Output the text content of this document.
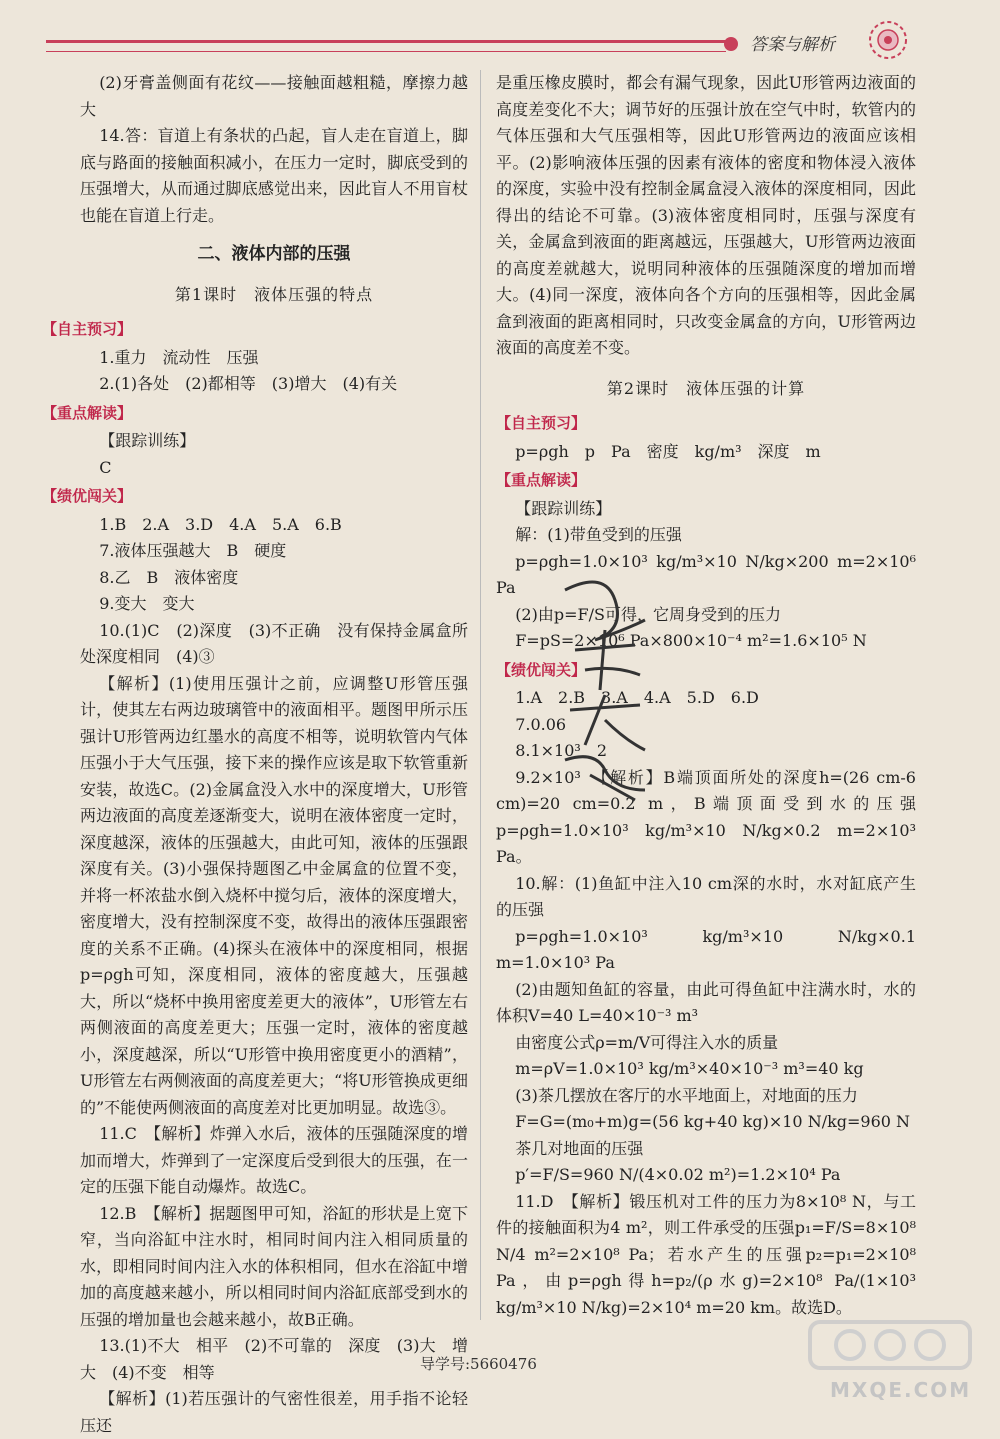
答案与解析

(2)牙膏盖侧面有花纹——接触面越粗糙，摩擦力越大

14.答：盲道上有条状的凸起，盲人走在盲道上，脚底与路面的接触面积减小，在压力一定时，脚底受到的压强增大，从而通过脚底感觉出来，因此盲人不用盲杖也能在盲道上行走。

二、液体内部的压强
第1课时　液体压强的特点
【自主预习】

1.重力　流动性　压强

2.(1)各处　(2)都相等　(3)增大　(4)有关

【重点解读】

【跟踪训练】

C

【绩优闯关】

1.B　2.A　3.D　4.A　5.A　6.B

7.液体压强越大　B　硬度

8.乙　B　液体密度

9.变大　变大

10.(1)C　(2)深度　(3)不正确　没有保持金属盒所处深度相同　(4)③

【解析】(1)使用压强计之前，应调整U形管压强计，使其左右两边玻璃管中的液面相平。题图甲所示压强计U形管两边红墨水的高度不相等，说明软管内气体压强小于大气压强，接下来的操作应该是取下软管重新安装，故选C。(2)金属盒没入水中的深度增大，U形管两边液面的高度差逐渐变大，说明在液体密度一定时，深度越深，液体的压强越大，由此可知，液体的压强跟深度有关。(3)小强保持题图乙中金属盒的位置不变，并将一杯浓盐水倒入烧杯中搅匀后，液体的深度增大，密度增大，没有控制深度不变，故得出的液体压强跟密度的关系不正确。(4)探头在液体中的深度相同，根据p=ρgh可知，深度相同，液体的密度越大，压强越大，所以“烧杯中换用密度差更大的液体”，U形管左右两侧液面的高度差更大；压强一定时，液体的密度越小，深度越深，所以“U形管中换用密度更小的酒精”，U形管左右两侧液面的高度差更大；“将U形管换成更细的”不能使两侧液面的高度差对比更加明显。故选③。

11.C　【解析】炸弹入水后，液体的压强随深度的增加而增大，炸弹到了一定深度后受到很大的压强，在一定的压强下能自动爆炸。故选C。

12.B　【解析】据题图甲可知，浴缸的形状是上宽下窄，当向浴缸中注水时，相同时间内注入相同质量的水，即相同时间内注入水的体积相同，但水在浴缸中增加的高度越来越小，所以相同时间内浴缸底部受到水的压强的增加量也会越来越小，故B正确。

13.(1)不大　相平　(2)不可靠的　深度　(3)大　增大　(4)不变　相等

【解析】(1)若压强计的气密性很差，用手指不论轻压还

是重压橡皮膜时，都会有漏气现象，因此U形管两边液面的高度差变化不大；调节好的压强计放在空气中时，软管内的气体压强和大气压强相等，因此U形管两边的液面应该相平。(2)影响液体压强的因素有液体的密度和物体浸入液体的深度，实验中没有控制金属盒浸入液体的深度相同，因此得出的结论不可靠。(3)液体密度相同时，压强与深度有关，金属盒到液面的距离越远，压强越大，U形管两边液面的高度差就越大，说明同种液体的压强随深度的增加而增大。(4)同一深度，液体向各个方向的压强相等，因此金属盒到液面的距离相同时，只改变金属盒的方向，U形管两边液面的高度差不变。

第2课时　液体压强的计算
【自主预习】

p=ρgh　p　Pa　密度　kg/m³　深度　m

【重点解读】

【跟踪训练】

解：(1)带鱼受到的压强

p=ρgh=1.0×10³ kg/m³×10 N/kg×200 m=2×10⁶ Pa

(2)由p=F/S可得，它周身受到的压力

F=pS=2×10⁶ Pa×800×10⁻⁴ m²=1.6×10⁵ N

【绩优闯关】

1.A　2.B　3.A　4.A　5.D　6.D

7.0.06

8.1×10³　2

9.2×10³　【解析】B端顶面所处的深度h=(26 cm-6 cm)=20 cm=0.2 m，B端顶面受到水的压强p=ρgh=1.0×10³ kg/m³×10 N/kg×0.2 m=2×10³ Pa。

10.解：(1)鱼缸中注入10 cm深的水时，水对缸底产生的压强

p=ρgh=1.0×10³ kg/m³×10 N/kg×0.1 m=1.0×10³ Pa

(2)由题知鱼缸的容量，由此可得鱼缸中注满水时，水的体积V=40 L=40×10⁻³ m³

由密度公式ρ=m/V可得注入水的质量

m=ρV=1.0×10³ kg/m³×40×10⁻³ m³=40 kg

(3)茶几摆放在客厅的水平地面上，对地面的压力

F=G=(m₀+m)g=(56 kg+40 kg)×10 N/kg=960 N

茶几对地面的压强

p′=F/S=960 N/(4×0.02 m²)=1.2×10⁴ Pa

11.D　【解析】锻压机对工件的压力为8×10⁸ N，与工件的接触面积为4 m²，则工件承受的压强p₁=F/S=8×10⁸ N/4 m²=2×10⁸ Pa；若水产生的压强p₂=p₁=2×10⁸ Pa，由p=ρgh得h=p₂/(ρ水g)=2×10⁸ Pa/(1×10³ kg/m³×10 N/kg)=2×10⁴ m=20 km。故选D。

导学号:5660476
MXQE.COM
